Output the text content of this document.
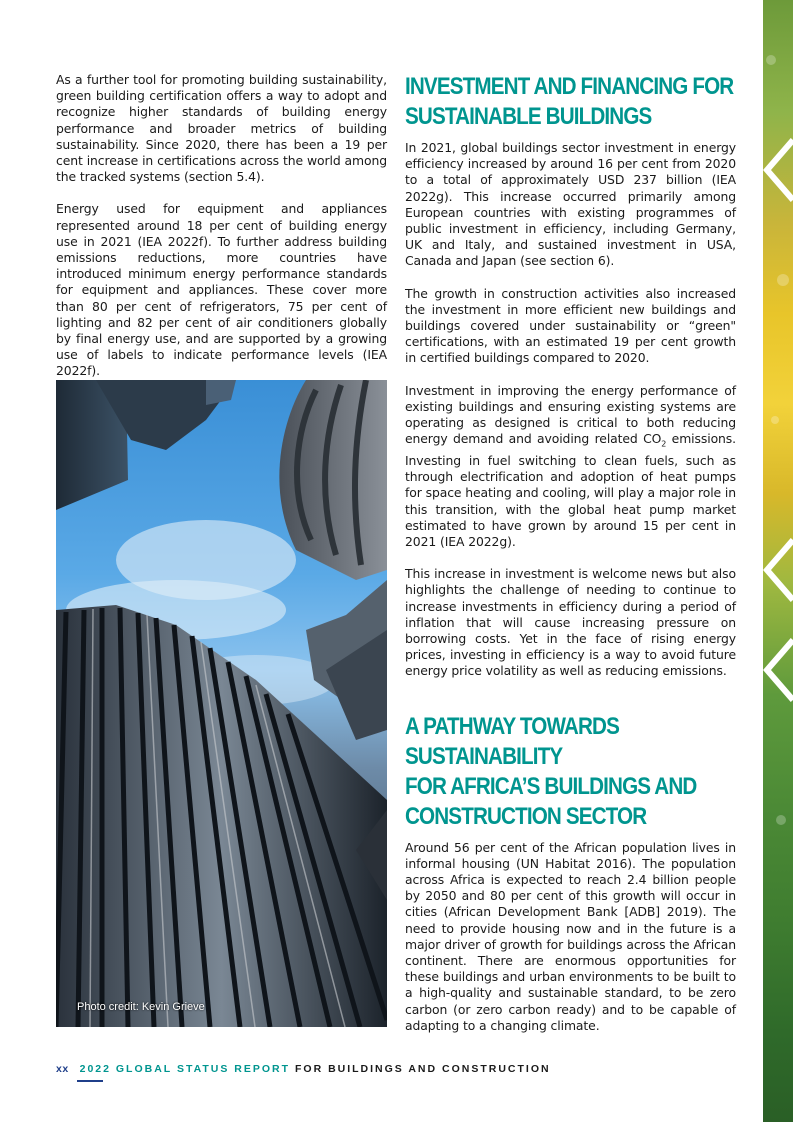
As a further tool for promoting building sustainability, green building certification offers a way to adopt and recognize higher standards of building energy performance and broader metrics of building sustainability. Since 2020, there has been a 19 per cent increase in certifications across the world among the tracked systems (section 5.4).

Energy used for equipment and appliances represented around 18 per cent of building energy use in 2021 (IEA 2022f). To further address building emissions reductions, more countries have introduced minimum energy performance standards for equipment and appliances. These cover more than 80 per cent of refrigerators, 75 per cent of lighting and 82 per cent of air conditioners globally by final energy use, and are supported by a growing use of labels to indicate performance levels (IEA 2022f).

Photo credit: Kevin Grieve
INVESTMENT AND FINANCING FOR
SUSTAINABLE BUILDINGS

In 2021, global buildings sector investment in energy efficiency increased by around 16 per cent from 2020 to a total of approximately USD 237 billion (IEA 2022g). This increase occurred primarily among European countries with existing programmes of public investment in efficiency, including Germany, UK and Italy, and sustained investment in USA, Canada and Japan (see section 6).

The growth in construction activities also increased the investment in more efficient new buildings and buildings covered under sustainability or “green" certifications, with an estimated 19 per cent growth in certified buildings compared to 2020.

Investment in improving the energy performance of existing buildings and ensuring existing systems are operating as designed is critical to both reducing energy demand and avoiding related $CO_2$ emissions. Investing in fuel switching to clean fuels, such as through electrification and adoption of heat pumps for space heating and cooling, will play a major role in this transition, with the global heat pump market estimated to have grown by around 15 per cent in 2021 (IEA 2022g).

This increase in investment is welcome news but also highlights the challenge of needing to continue to increase investments in efficiency during a period of inflation that will cause increasing pressure on borrowing costs. Yet in the face of rising energy prices, investing in efficiency is a way to avoid future energy price volatility as well as reducing emissions.

A PATHWAY TOWARDS SUSTAINABILITY
FOR AFRICA’S BUILDINGS AND
CONSTRUCTION SECTOR

Around 56 per cent of the African population lives in informal housing (UN Habitat 2016). The population across Africa is expected to reach 2.4 billion people by 2050 and 80 per cent of this growth will occur in cities (African Development Bank [ADB] 2019). The need to provide housing now and in the future is a major driver of growth for buildings across the African continent. There are enormous opportunities for these buildings and urban environments to be built to a high-quality and sustainable standard, to be zero carbon (or zero carbon ready) and to be capable of adapting to a changing climate.

xx 2022 GLOBAL STATUS REPORT FOR BUILDINGS AND CONSTRUCTION
